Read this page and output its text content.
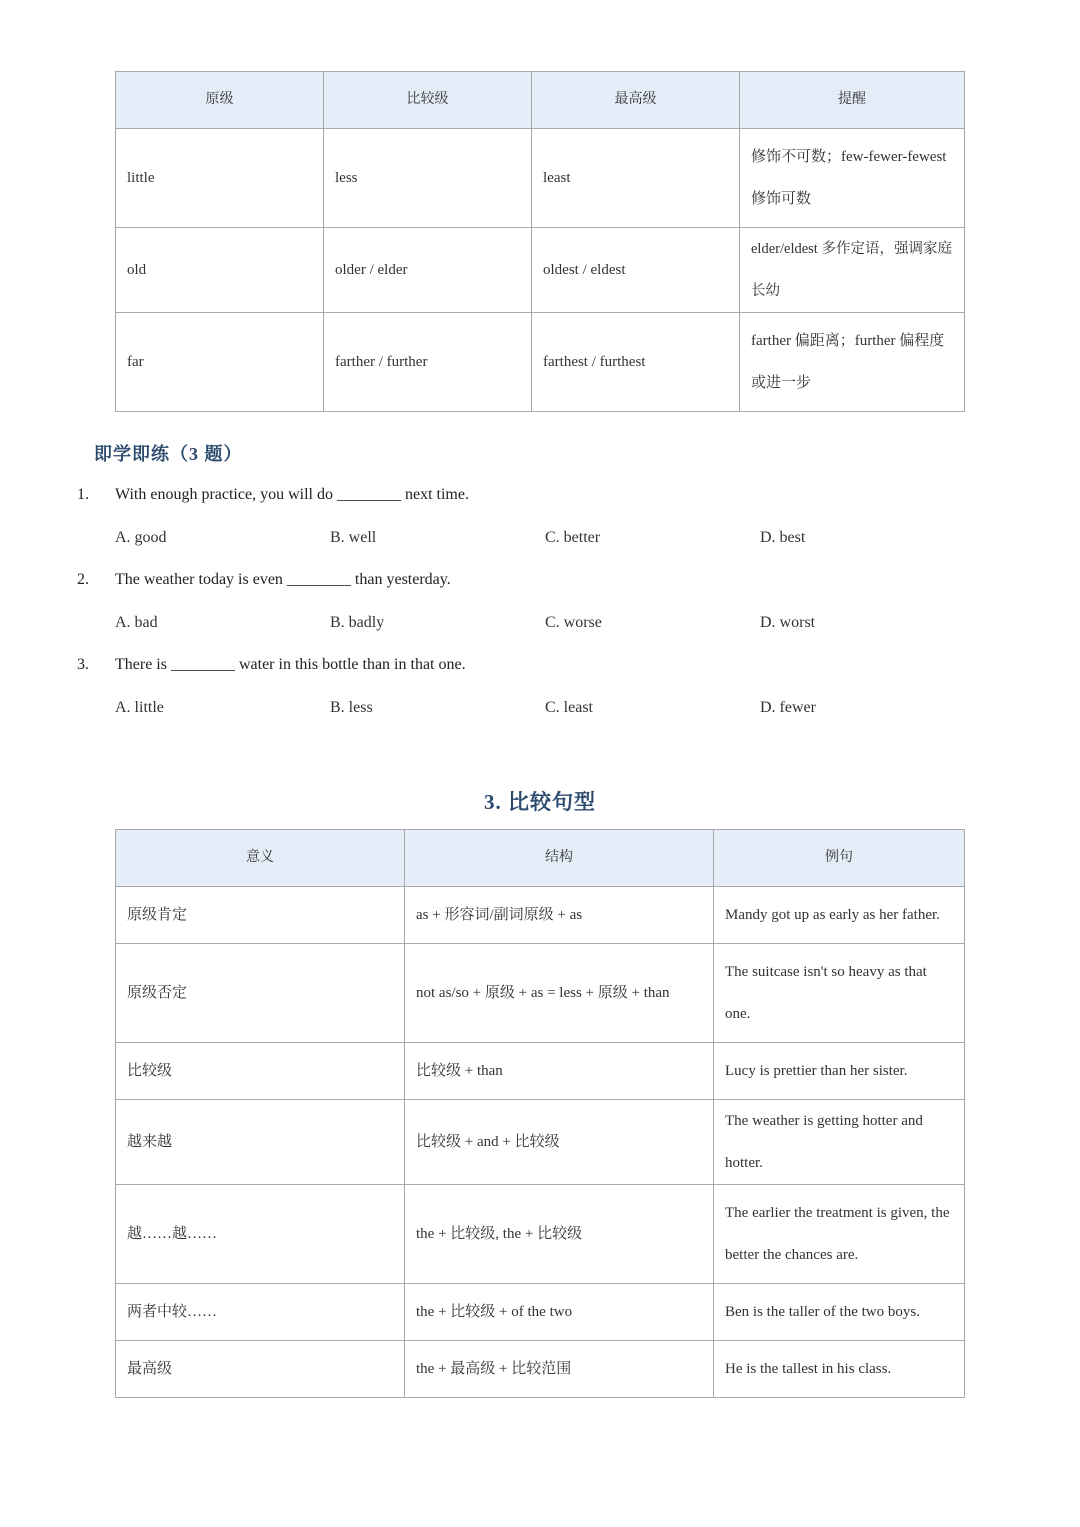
原级	比较级	最高级	提醒
little	less	least	修饰不可数；few-fewer-fewest 修饰可数
old	older / elder	oldest / eldest	elder/eldest 多作定语，强调家庭长幼
far	farther / further	farthest / furthest	farther 偏距离；further 偏程度或进一步
即学即练（3 题）
1. With enough practice, you will do ________ next time.
A. good	B. well	C. better	D. best
2. The weather today is even ________ than yesterday.
A. bad	B. badly	C. worse	D. worst
3. There is ________ water in this bottle than in that one.
A. little	B. less	C. least	D. fewer
3. 比较句型
意义	结构	例句
原级肯定	as + 形容词/副词原级 + as	Mandy got up as early as her father.
原级否定	not as/so + 原级 + as = less + 原级 + than	The suitcase isn't so heavy as that one.
比较级	比较级 + than	Lucy is prettier than her sister.
越来越	比较级 + and + 比较级	The weather is getting hotter and hotter.
越……越……	the + 比较级, the + 比较级	The earlier the treatment is given, the better the chances are.
两者中较……	the + 比较级 + of the two	Ben is the taller of the two boys.
最高级	the + 最高级 + 比较范围	He is the tallest in his class.
